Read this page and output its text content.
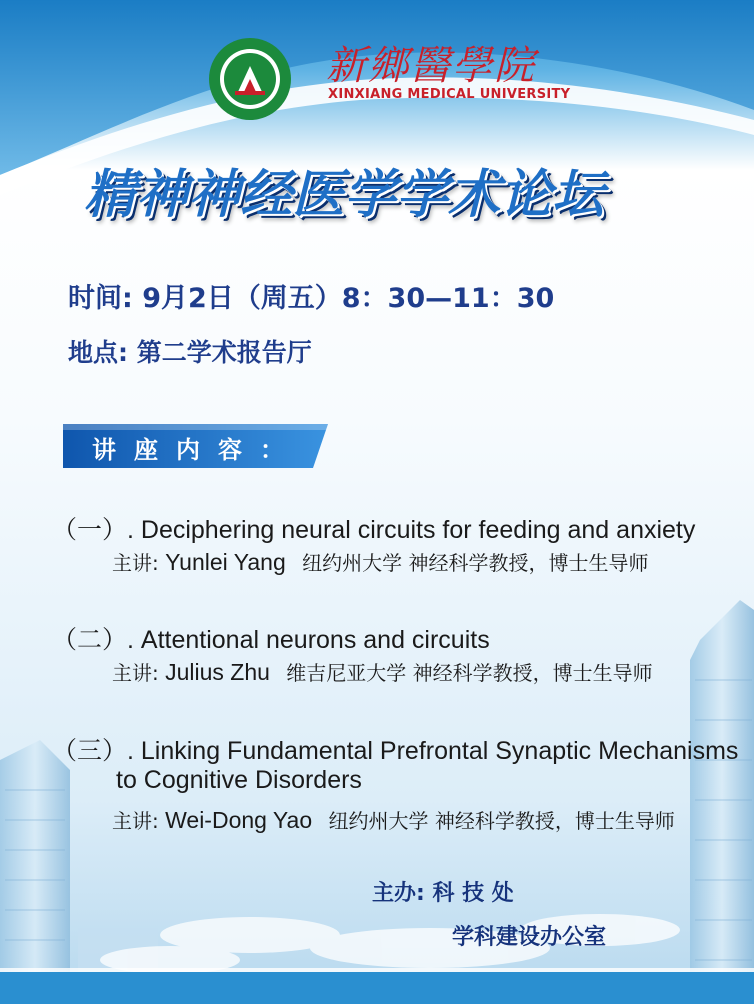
新鄉醫學院
XINXIANG MEDICAL UNIVERSITY
精神神经医学学术论坛
时间: 9月2日（周五）8：30—11：30
地点: 第二学术报告厅
讲座内容：
（一）. Deciphering neural circuits for feeding and anxiety
主讲: Yunlei Yang 纽约州大学 神经科学教授，博士生导师
（二）. Attentional neurons and circuits
主讲: Julius Zhu 维吉尼亚大学 神经科学教授，博士生导师
（三）. Linking Fundamental Prefrontal Synaptic Mechanisms
to Cognitive Disorders
主讲: Wei-Dong Yao 纽约州大学 神经科学教授，博士生导师
主办: 科 技 处
学科建设办公室
